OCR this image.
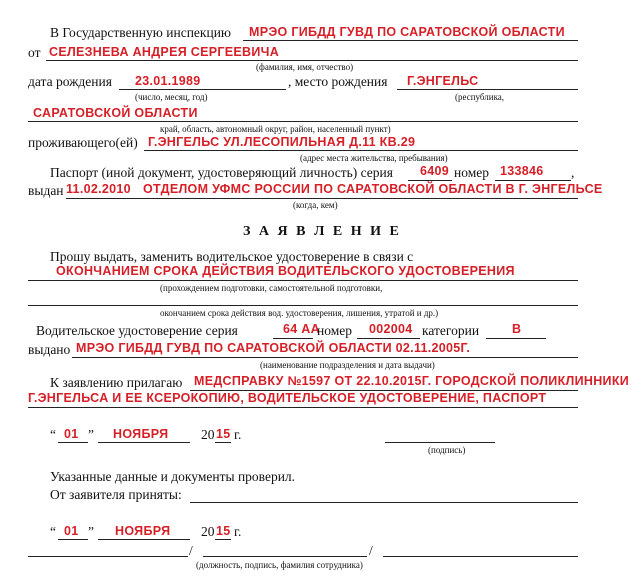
В Государственную инспекцию МРЭО ГИБДД ГУВД ПО САРАТОВСКОЙ ОБЛАСТИ
от СЕЛЕЗНЕВА АНДРЕЯ СЕРГЕЕВИЧА
(фамилия, имя, отчество)
дата рождения 23.01.1989	, место рождения Г.ЭНГЕЛЬС
(число, месяц, год)	(республика,
САРАТОВСКОЙ ОБЛАСТИ
край, область, автономный округ, район, населенный пункт)
проживающего(ей) Г.ЭНГЕЛЬС УЛ.ЛЕСОПИЛЬНАЯ Д.11 КВ.29
(адрес места жительства, пребывания)
Паспорт (иной документ, удостоверяющий личность) серия 6409 номер 133846 ,
выдан 11.02.2010 ОТДЕЛОМ УФМС РОССИИ ПО САРАТОВСКОЙ ОБЛАСТИ В Г. ЭНГЕЛЬСЕ
(когда, кем)
З А Я В Л Е Н И Е
Прошу выдать, заменить водительское удостоверение в связи с
ОКОНЧАНИЕМ СРОКА ДЕЙСТВИЯ ВОДИТЕЛЬСКОГО УДОСТОВЕРЕНИЯ
(прохождением подготовки, самостоятельной подготовки,
окончанием срока действия вод. удостоверения, лишения, утратой и др.)
Водительское удостоверение серия	64 АА
номер 002004 категории	В
выдано МРЭО ГИБДД ГУВД ПО САРАТОВСКОЙ ОБЛАСТИ 02.11.2005Г.
(наименование подразделения и дата выдачи)
К заявлению прилагаю МЕДСПРАВКУ №1597 ОТ 22.10.2015Г. ГОРОДСКОЙ ПОЛИКЛИННИКИ
Г.ЭНГЕЛЬСА И ЕЕ КСЕРОКОПИЮ, ВОДИТЕЛЬСКОЕ УДОСТОВЕРЕНИЕ, ПАСПОРТ
“ 01 ” НОЯБРЯ 20 15 г.
(подпись)
Указанные данные и документы проверил.
От заявителя приняты:
“ 01 ” НОЯБРЯ 20 15 г.
/	/
(должность, подпись, фамилия сотрудника)
